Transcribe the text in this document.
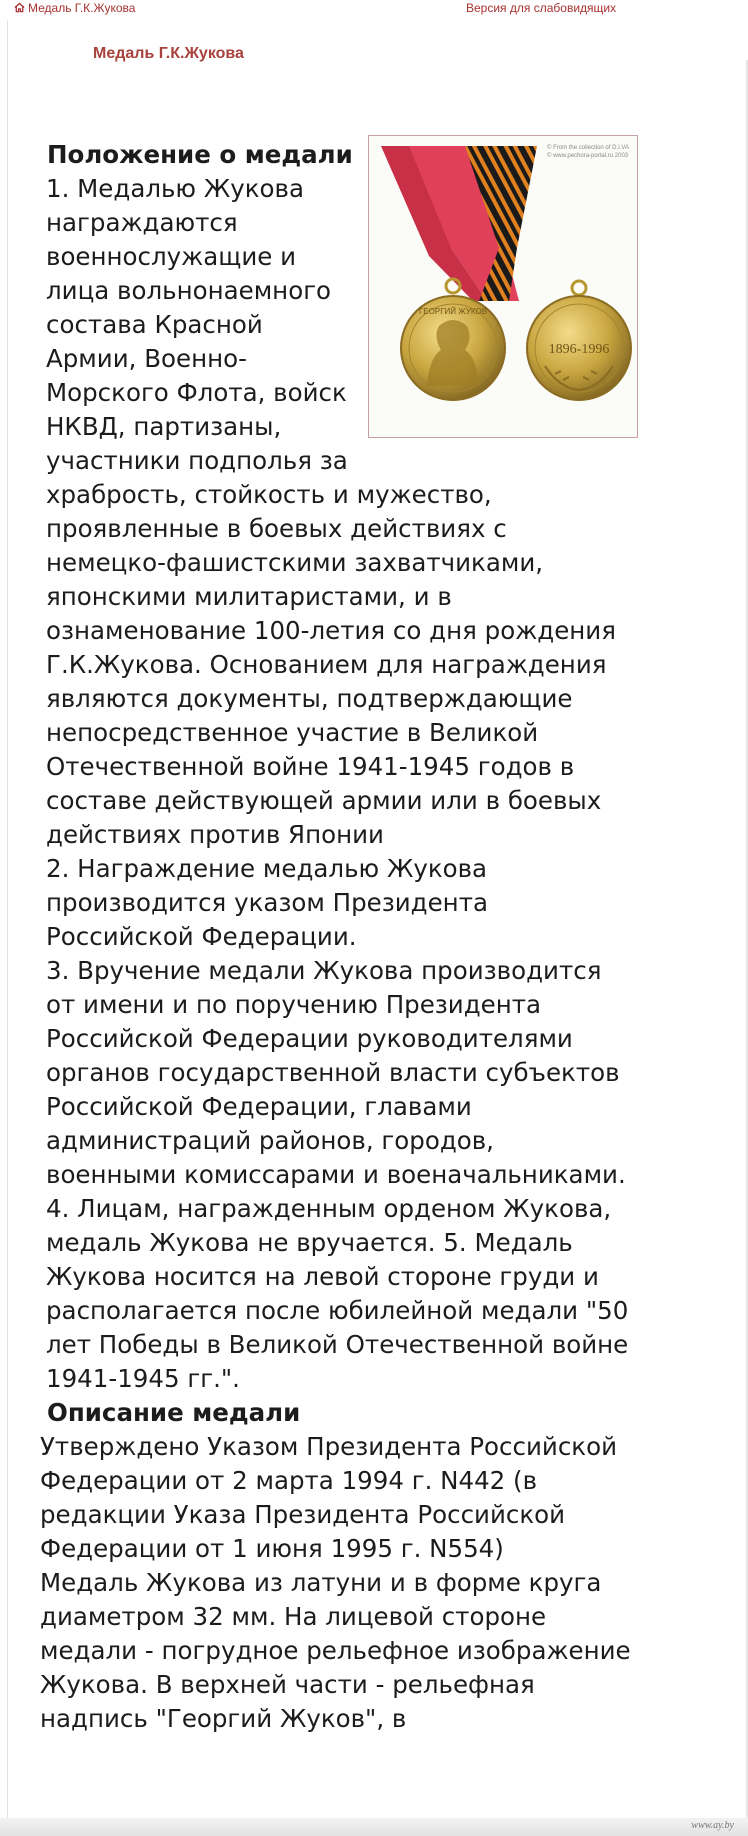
Медаль Г.К.Жукова	Версия для слабовидящих
Медаль Г.К.Жукова
© From the collection of D.I.VA
© www.pechora-portal.ru 2003
ГЕОРГИЙ ЖУКОВ
1896-1996

Положение о медали

1. Медалью Жукова награждаются военнослужащие и лица вольнонаемного состава Красной Армии, Военно-Морского Флота, войск НКВД, партизаны, участники подполья за храбрость, стойкость и мужество, проявленные в боевых действиях с немецко-фашистскими захватчиками, японскими милитаристами, и в ознаменование 100-летия со дня рождения Г.К.Жукова. Основанием для награждения являются документы, подтверждающие непосредственное участие в Великой Отечественной войне 1941-1945 годов в составе действующей армии или в боевых действиях против Японии

2. Награждение медалью Жукова производится указом Президента Российской Федерации.

3. Вручение медали Жукова производится от имени и по поручению Президента Российской Федерации руководителями органов государственной власти субъектов Российской Федерации, главами администраций районов, городов, военными комиссарами и военачальниками.

4. Лицам, награжденным орденом Жукова, медаль Жукова не вручается. 5. Медаль Жукова носится на левой стороне груди и располагается после юбилейной медали "50 лет Победы в Великой Отечественной войне 1941-1945 гг.".

Описание медали

Утверждено Указом Президента Российской Федерации от 2 марта 1994 г. N442 (в редакции Указа Президента Российской Федерации от 1 июня 1995 г. N554)

Медаль Жукова из латуни и в форме круга диаметром 32 мм. На лицевой стороне медали - погрудное рельефное изображение Жукова. В верхней части - рельефная надпись "Георгий Жуков", в

www.ay.by
